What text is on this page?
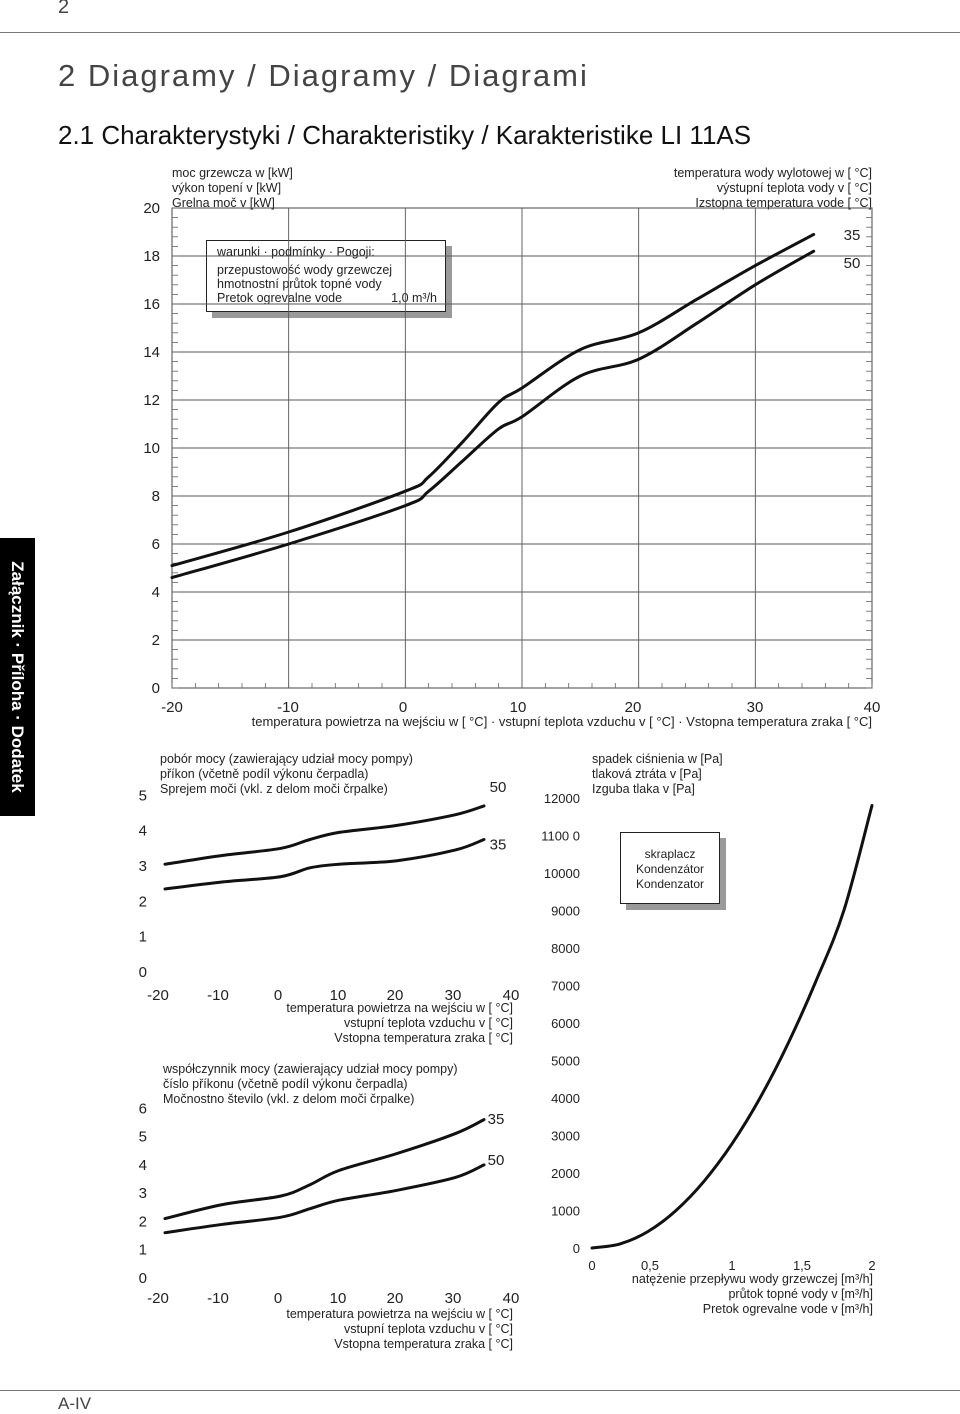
2
2 Diagramy / Diagramy / Diagrami
2.1 Charakterystyki / Charakteristiky / Karakteristike LI 11AS
moc grzewcza w [kW]
výkon topení v [kW]
Grelna moč v [kW]
temperatura wody wylotowej w [ °C]
výstupní teplota vody v [ °C]
Izstopna temperatura vode [ °C]
warunki · podmínky · Pogoji:
przepustowość wody grzewczej
hmotnostní průtok topné vody
Pretok ogrevalne vode	1,0 m³/h
temperatura powietrza na wejściu w [ °C] · vstupní teplota vzduchu v [ °C] · Vstopna temperatura zraka [ °C]
pobór mocy (zawierający udział mocy pompy)
příkon (včetně podíl výkonu čerpadla)
Sprejem moči (vkl. z delom moči črpalke)
temperatura powietrza na wejściu w [ °C]
vstupní teplota vzduchu v [ °C]
Vstopna temperatura zraka [ °C]
współczynnik mocy (zawierający udział mocy pompy)
číslo příkonu (včetně podíl výkonu čerpadla)
Močnostno število (vkl. z delom moči črpalke)
temperatura powietrza na wejściu w [ °C]
vstupní teplota vzduchu v [ °C]
Vstopna temperatura zraka [ °C]
spadek ciśnienia w [Pa]
tlaková ztráta v [Pa]
Izguba tlaka v [Pa]
skraplacz
Kondenzátor
Kondenzator
natężenie przepływu wody grzewczej [m³/h]
průtok topné vody v [m³/h]
Pretok ogrevalne vode v [m³/h]
Załącznik · Příloha · Dodatek
A-IV
0
2
4
6
8
10
12
14
16
18
20
-20	-10	0	10	20	30	40
35
50
0
1
2
3
4
5
-20	-10	0	10	20	30	40
50
35
0
1
2
3
4
5
6
-20	-10	0	10	20	30	40
35
50
0
1000
2000
3000
4000
5000
6000
7000
8000
9000
10000
1100 0
12000
0	0,5	1	1,5	2
